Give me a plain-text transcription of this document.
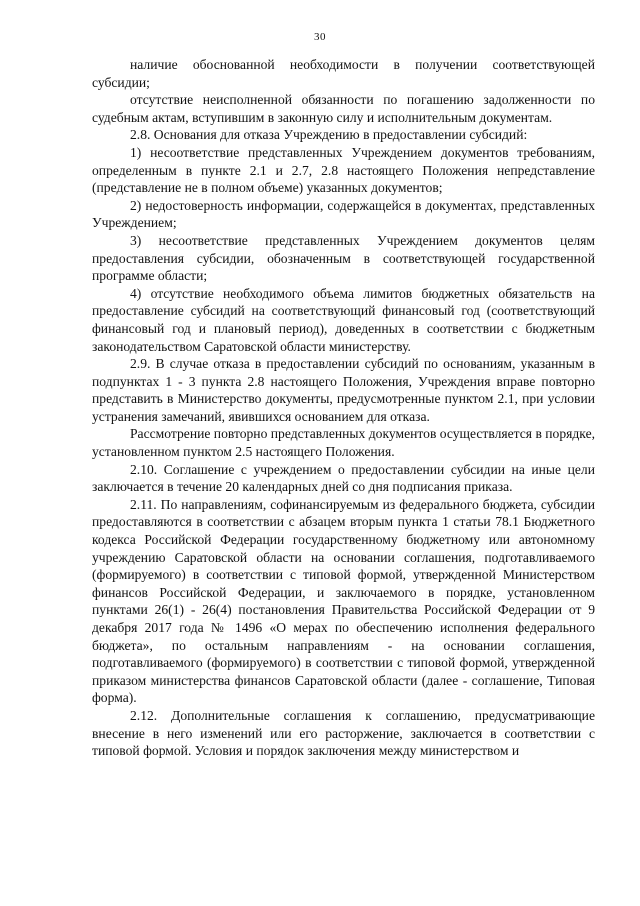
30

наличие обоснованной необходимости в получении соответствующей субсидии;

отсутствие неисполненной обязанности по погашению задолженности по судебным актам, вступившим в законную силу и исполнительным документам.

2.8. Основания для отказа Учреждению в предоставлении субсидий:

1) несоответствие представленных Учреждением документов требованиям, определенным в пункте 2.1 и 2.7, 2.8 настоящего Положения непредставление (представление не в полном объеме) указанных документов;

2) недостоверность информации, содержащейся в документах, представленных Учреждением;

3) несоответствие представленных Учреждением документов целям предоставления субсидии, обозначенным в соответствующей государственной программе области;

4) отсутствие необходимого объема лимитов бюджетных обязательств на предоставление субсидий на соответствующий финансовый год (соответствующий финансовый год и плановый период), доведенных в соответствии с бюджетным законодательством Саратовской области министерству.

2.9. В случае отказа в предоставлении субсидий по основаниям, указанным в подпунктах 1 - 3 пункта 2.8 настоящего Положения, Учреждения вправе повторно представить в Министерство документы, предусмотренные пунктом 2.1, при условии устранения замечаний, явившихся основанием для отказа.

Рассмотрение повторно представленных документов осуществляется в порядке, установленном пунктом 2.5 настоящего Положения.

2.10. Соглашение с учреждением о предоставлении субсидии на иные цели заключается в течение 20 календарных дней со дня подписания приказа.

2.11. По направлениям, софинансируемым из федерального бюджета, субсидии предоставляются в соответствии с абзацем вторым пункта 1 статьи 78.1 Бюджетного кодекса Российской Федерации государственному бюджетному или автономному учреждению Саратовской области на основании соглашения, подготавливаемого (формируемого) в соответствии с типовой формой, утвержденной Министерством финансов Российской Федерации, и заключаемого в порядке, установленном пунктами 26(1) - 26(4) постановления Правительства Российской Федерации от 9 декабря 2017 года № 1496 «О мерах по обеспечению исполнения федерального бюджета», по остальным направлениям - на основании соглашения, подготавливаемого (формируемого) в соответствии с типовой формой, утвержденной приказом министерства финансов Саратовской области (далее - соглашение, Типовая форма).

2.12. Дополнительные соглашения к соглашению, предусматривающие внесение в него изменений или его расторжение, заключается в соответствии с типовой формой. Условия и порядок заключения между министерством и
